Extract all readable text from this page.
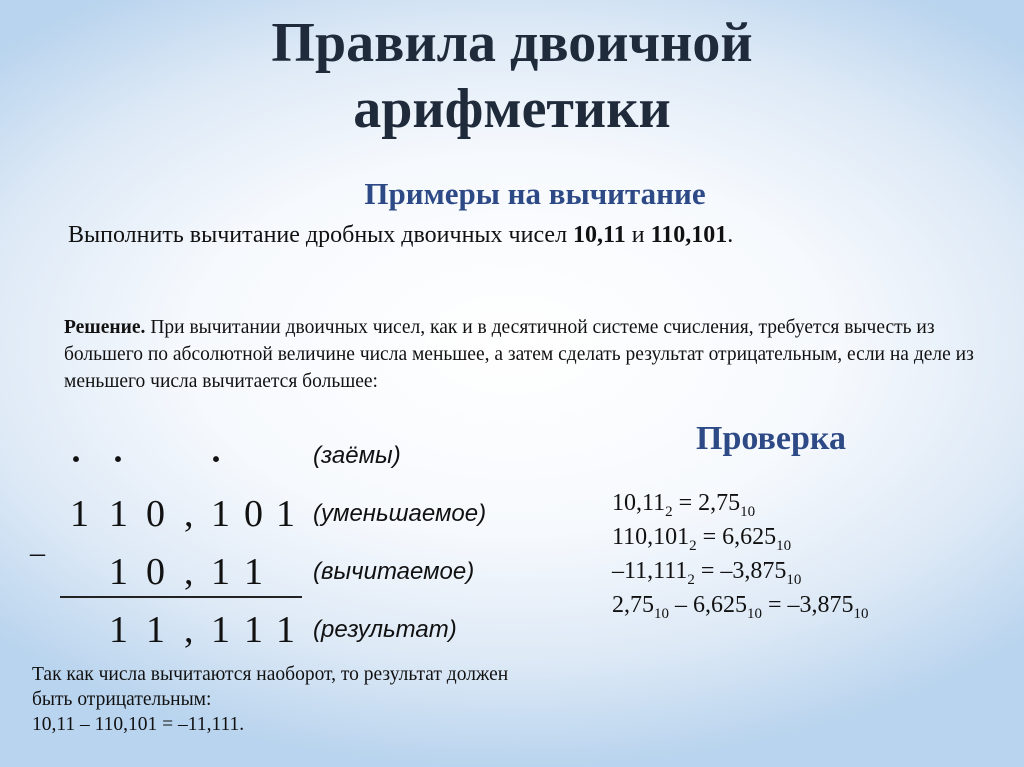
Правила двоичной
арифметики
Примеры на вычитание
Выполнить вычитание дробных двоичных чисел 10,11 и 110,101.
Решение. При вычитании двоичных чисел, как и в десятичной системе счисления, требуется вычесть из большего по абсолютной величине числа меньшее, а затем сделать результат отрицательным, если на деле из меньшего числа вычитается большее:
· · ·	(заёмы)
1 1 0 , 1 0 1 (уменьшаемое)
_
1 0 , 1 1 (вычитаемое)
1 1 , 1 1 1 (результат)
Проверка
$10,11_2 = 2,75_{10}$
$110,101_2 = 6,625_{10}$
$-11,111_2 = -3,875_{10}$
$2,75_{10} - 6,625_{10} = -3,875_{10}$
Так как числа вычитаются наоборот, то результат должен
быть отрицательным:
10,11 – 110,101 = –11,111.
